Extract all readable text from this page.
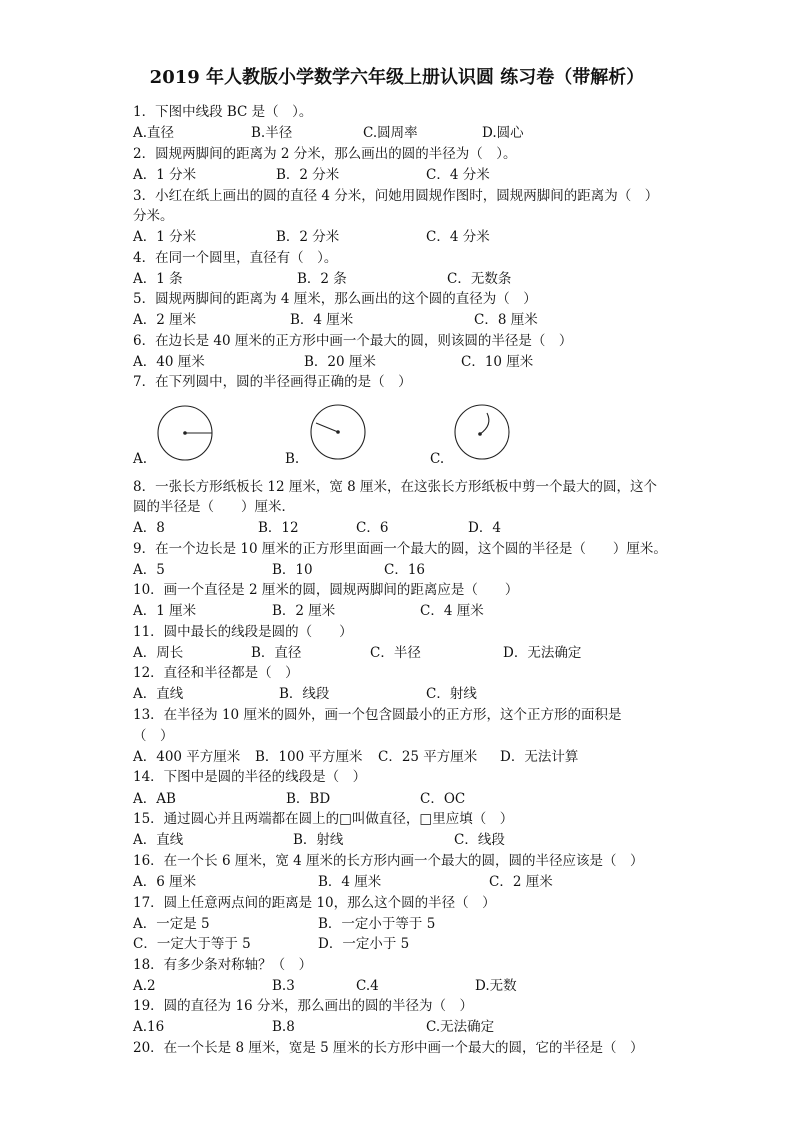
2019 年人教版小学数学六年级上册认识圆 练习卷（带解析）
1．下图中线段 BC 是（　）。
A.直径	B.半径	C.圆周率	D.圆心
2．圆规两脚间的距离为 2 分米，那么画出的圆的半径为（　）。
A．1 分米	B．2 分米	C．4 分米
3．小红在纸上画出的圆的直径 4 分米，问她用圆规作图时，圆规两脚间的距离为（　）
分米。
A．1 分米	B．2 分米	C．4 分米
4．在同一个圆里，直径有（　）。
A．1 条	B．2 条	C．无数条
5．圆规两脚间的距离为 4 厘米，那么画出的这个圆的直径为（　）
A．2 厘米	B．4 厘米	C．8 厘米
6．在边长是 40 厘米的正方形中画一个最大的圆，则该圆的半径是（　）
A．40 厘米	B．20 厘米	C．10 厘米
7．在下列圆中，圆的半径画得正确的是（　）
A.	B.	C.
8．一张长方形纸板长 12 厘米，宽 8 厘米，在这张长方形纸板中剪一个最大的圆，这个
圆的半径是（　　）厘米．
A．8	B．12	C．6	D．4
9．在一个边长是 10 厘米的正方形里面画一个最大的圆，这个圆的半径是（　　）厘米。
A．5	B．10	C．16
10．画一个直径是 2 厘米的圆，圆规两脚间的距离应是（　　）
A．1 厘米	B．2 厘米	C．4 厘米
11．圆中最长的线段是圆的（　　）
A．周长	B．直径	C．半径	D．无法确定
12．直径和半径都是（　）
A．直线	B．线段	C．射线
13．在半径为 10 厘米的圆外，画一个包含圆最小的正方形，这个正方形的面积是
（　）
A．400 平方厘米 B．100 平方厘米 C．25 平方厘米 D．无法计算
14．下图中是圆的半径的线段是（　）
A．AB	B．BD	C．OC
15．通过圆心并且两端都在圆上的□叫做直径，□里应填（　）
A．直线	B．射线	C．线段
16．在一个长 6 厘米，宽 4 厘米的长方形内画一个最大的圆，圆的半径应该是（　）
A．6 厘米	B．4 厘米	C．2 厘米
17．圆上任意两点间的距离是 10，那么这个圆的半径（　）
A．一定是 5	B．一定小于等于 5
C．一定大于等于 5	D．一定小于 5
18．有多少条对称轴？（　）
A.2	B.3	C.4	D.无数
19．圆的直径为 16 分米，那么画出的圆的半径为（　）
A.16	B.8	C.无法确定
20．在一个长是 8 厘米，宽是 5 厘米的长方形中画一个最大的圆，它的半径是（　）
